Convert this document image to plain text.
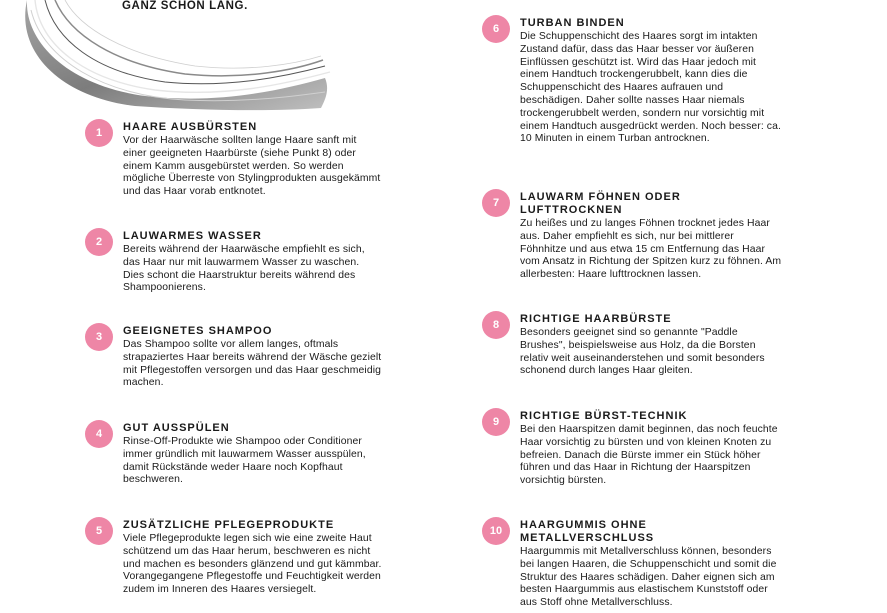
GANZ SCHÖN LANG.
1	HAARE AUSBÜRSTEN

Vor der Haarwäsche sollten lange Haare sanft mit einer geeigneten Haarbürste (siehe Punkt 8) oder einem Kamm ausgebürstet werden. So werden mögliche Überreste von Stylingprodukten ausgekämmt und das Haar vorab entknotet.

2	LAUWARMES WASSER

Bereits während der Haarwäsche empfiehlt es sich, das Haar nur mit lauwarmem Wasser zu waschen. Dies schont die Haarstruktur bereits während des Shampoonierens.

3	GEEIGNETES SHAMPOO

Das Shampoo sollte vor allem langes, oftmals strapaziertes Haar bereits während der Wäsche gezielt mit Pflegestoffen versorgen und das Haar geschmeidig machen.

4	GUT AUSSPÜLEN

Rinse-Off-Produkte wie Shampoo oder Conditioner immer gründlich mit lauwarmem Wasser ausspülen, damit Rückstände weder Haare noch Kopfhaut beschweren.

5	ZUSÄTZLICHE PFLEGEPRODUKTE

Viele Pflegeprodukte legen sich wie eine zweite Haut schützend um das Haar herum, beschweren es nicht und machen es besonders glänzend und gut kämmbar. Vorangegangene Pflegestoffe und Feuchtigkeit werden zudem im Inneren des Haares versiegelt.

6	TURBAN BINDEN

Die Schuppenschicht des Haares sorgt im intakten Zustand dafür, dass das Haar besser vor äußeren Einflüssen geschützt ist. Wird das Haar jedoch mit einem Handtuch trockengerubbelt, kann dies die Schuppenschicht des Haares aufrauen und beschädigen. Daher sollte nasses Haar niemals trockengerubbelt werden, sondern nur vorsichtig mit einem Handtuch ausgedrückt werden. Noch besser: ca. 10 Minuten in einem Turban antrocknen.

7	LAUWARM FÖHNEN ODER LUFTTROCKNEN

Zu heißes und zu langes Föhnen trocknet jedes Haar aus. Daher empfiehlt es sich, nur bei mittlerer Föhnhitze und aus etwa 15 cm Entfernung das Haar vom Ansatz in Richtung der Spitzen kurz zu föhnen. Am allerbesten: Haare lufttrocknen lassen.

8	RICHTIGE HAARBÜRSTE

Besonders geeignet sind so genannte "Paddle Brushes", beispielsweise aus Holz, da die Borsten relativ weit auseinanderstehen und somit besonders schonend durch langes Haar gleiten.

9	RICHTIGE BÜRST-TECHNIK

Bei den Haarspitzen damit beginnen, das noch feuchte Haar vorsichtig zu bürsten und von kleinen Knoten zu befreien. Danach die Bürste immer ein Stück höher führen und das Haar in Richtung der Haarspitzen vorsichtig bürsten.

10	HAARGUMMIS OHNE METALLVERSCHLUSS

Haargummis mit Metallverschluss können, besonders bei langen Haaren, die Schuppenschicht und somit die Struktur des Haares schädigen. Daher eignen sich am besten Haargummis aus elastischem Kunststoff oder aus Stoff ohne Metallverschluss.
